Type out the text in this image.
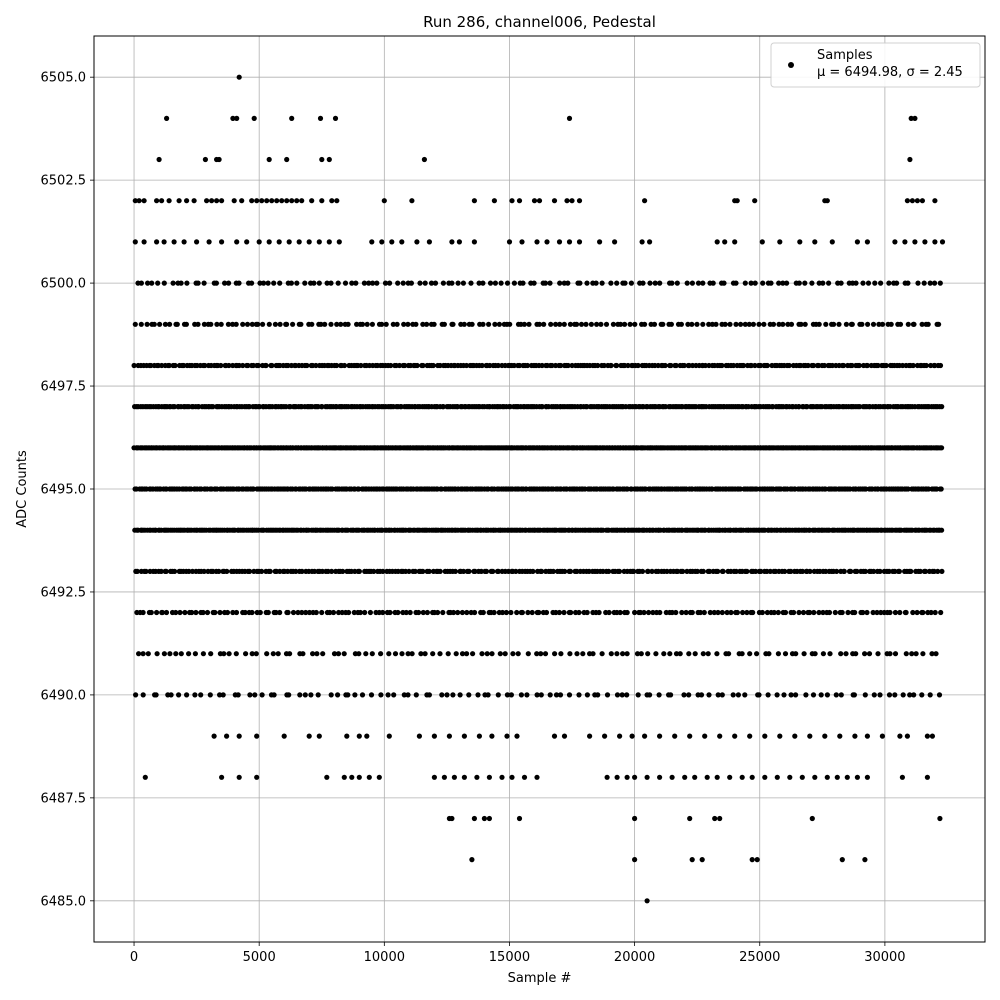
0	5000	10000	15000	20000	25000	30000
6485.0
6487.5
6490.0
6492.5
6495.0
6497.5
6500.0
6502.5
6505.0
Run 286, channel006, Pedestal
Sample #
ADC Counts
Samples
μ = 6494.98, σ = 2.45
